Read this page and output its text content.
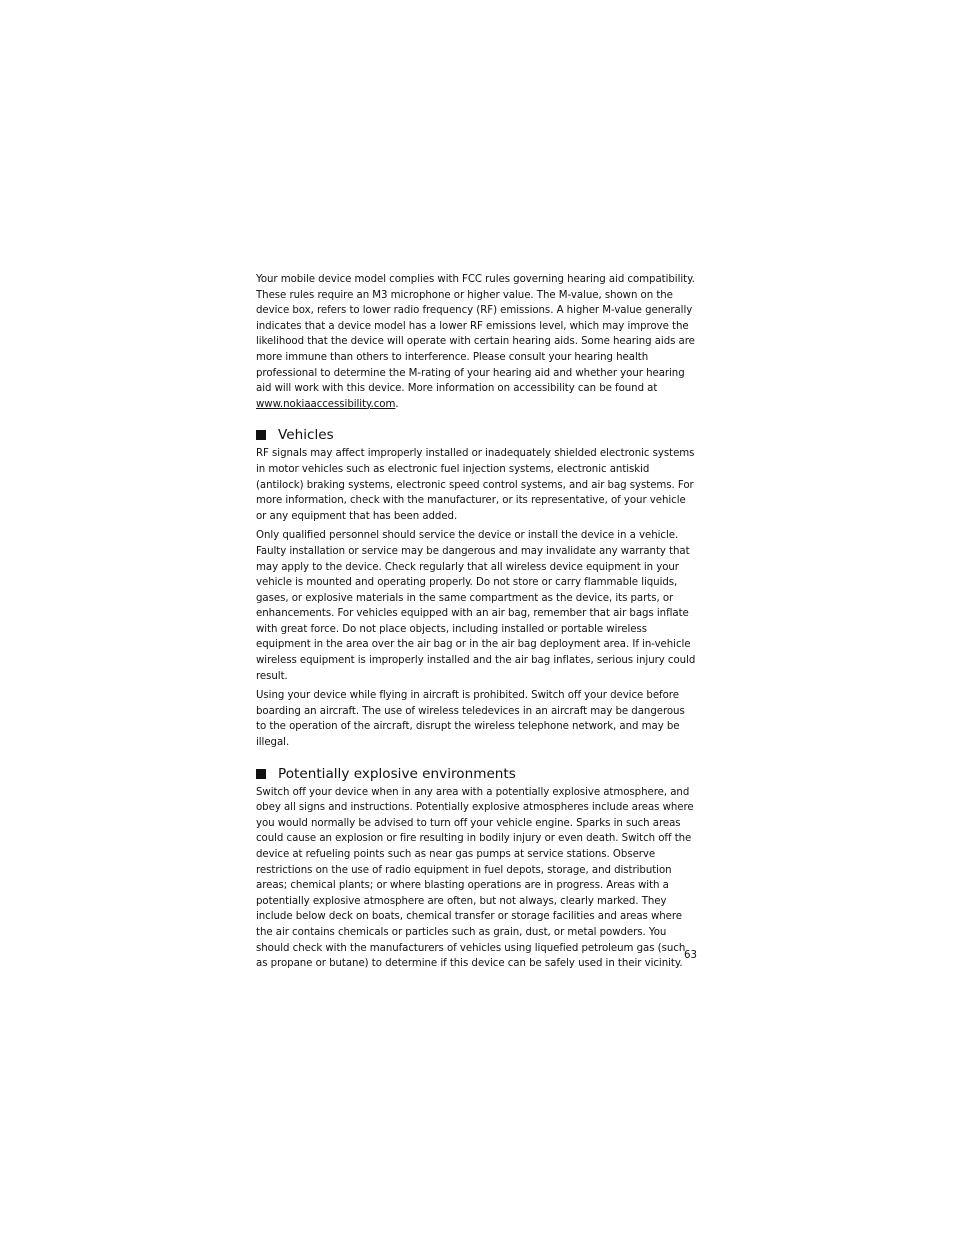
Your mobile device model complies with FCC rules governing hearing aid compatibility. These rules require an M3 microphone or higher value. The M-value, shown on the device box, refers to lower radio frequency (RF) emissions. A higher M-value generally indicates that a device model has a lower RF emissions level, which may improve the likelihood that the device will operate with certain hearing aids. Some hearing aids are more immune than others to interference. Please consult your hearing health professional to determine the M-rating of your hearing aid and whether your hearing aid will work with this device. More information on accessibility can be found at www.nokiaaccessibility.com.

Vehicles

RF signals may affect improperly installed or inadequately shielded electronic systems in motor vehicles such as electronic fuel injection systems, electronic antiskid (antilock) braking systems, electronic speed control systems, and air bag systems. For more information, check with the manufacturer, or its representative, of your vehicle or any equipment that has been added.

Only qualified personnel should service the device or install the device in a vehicle. Faulty installation or service may be dangerous and may invalidate any warranty that may apply to the device. Check regularly that all wireless device equipment in your vehicle is mounted and operating properly. Do not store or carry flammable liquids, gases, or explosive materials in the same compartment as the device, its parts, or enhancements. For vehicles equipped with an air bag, remember that air bags inflate with great force. Do not place objects, including installed or portable wireless equipment in the area over the air bag or in the air bag deployment area. If in-vehicle wireless equipment is improperly installed and the air bag inflates, serious injury could result.

Using your device while flying in aircraft is prohibited. Switch off your device before boarding an aircraft. The use of wireless teledevices in an aircraft may be dangerous to the operation of the aircraft, disrupt the wireless telephone network, and may be illegal.

Potentially explosive environments

Switch off your device when in any area with a potentially explosive atmosphere, and obey all signs and instructions. Potentially explosive atmospheres include areas where you would normally be advised to turn off your vehicle engine. Sparks in such areas could cause an explosion or fire resulting in bodily injury or even death. Switch off the device at refueling points such as near gas pumps at service stations. Observe restrictions on the use of radio equipment in fuel depots, storage, and distribution areas; chemical plants; or where blasting operations are in progress. Areas with a potentially explosive atmosphere are often, but not always, clearly marked. They include below deck on boats, chemical transfer or storage facilities and areas where the air contains chemicals or particles such as grain, dust, or metal powders. You should check with the manufacturers of vehicles using liquefied petroleum gas (such as propane or butane) to determine if this device can be safely used in their vicinity.

63
